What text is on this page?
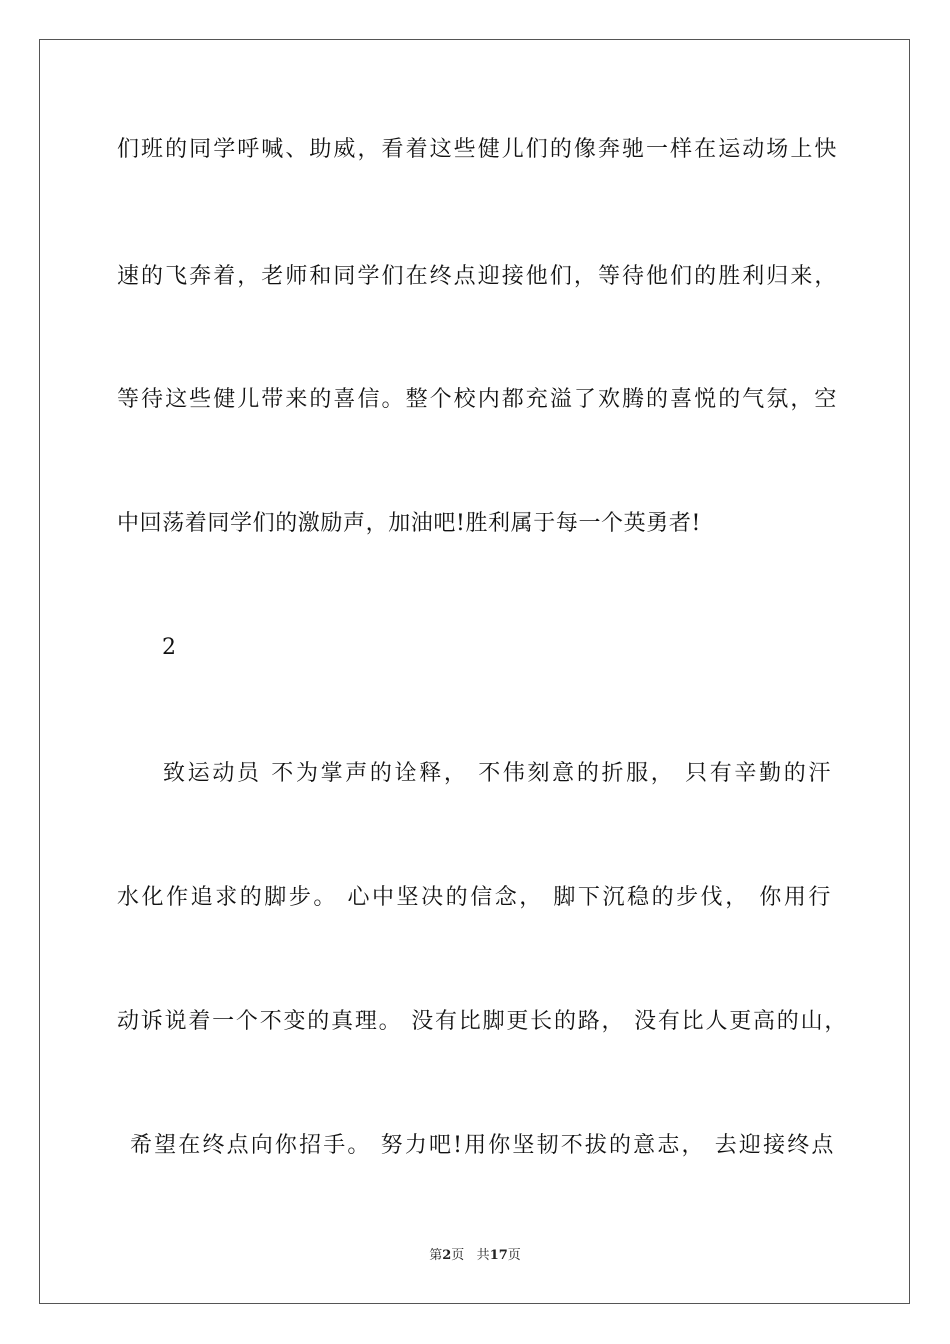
们班的同学呼喊、助威，看着这些健儿们的像奔驰一样在运动场上快
速的飞奔着，老师和同学们在终点迎接他们，等待他们的胜利归来，
等待这些健儿带来的喜信。整个校内都充溢了欢腾的喜悦的气氛，空
中回荡着同学们的激励声，加油吧!胜利属于每一个英勇者!
2
致运动员 不为掌声的诠释， 不伟刻意的折服， 只有辛勤的汗
水化作追求的脚步。 心中坚决的信念， 脚下沉稳的步伐， 你用行
动诉说着一个不变的真理。 没有比脚更长的路， 没有比人更高的山，
希望在终点向你招手。 努力吧!用你坚韧不拔的意志， 去迎接终点
第2页 共17页
